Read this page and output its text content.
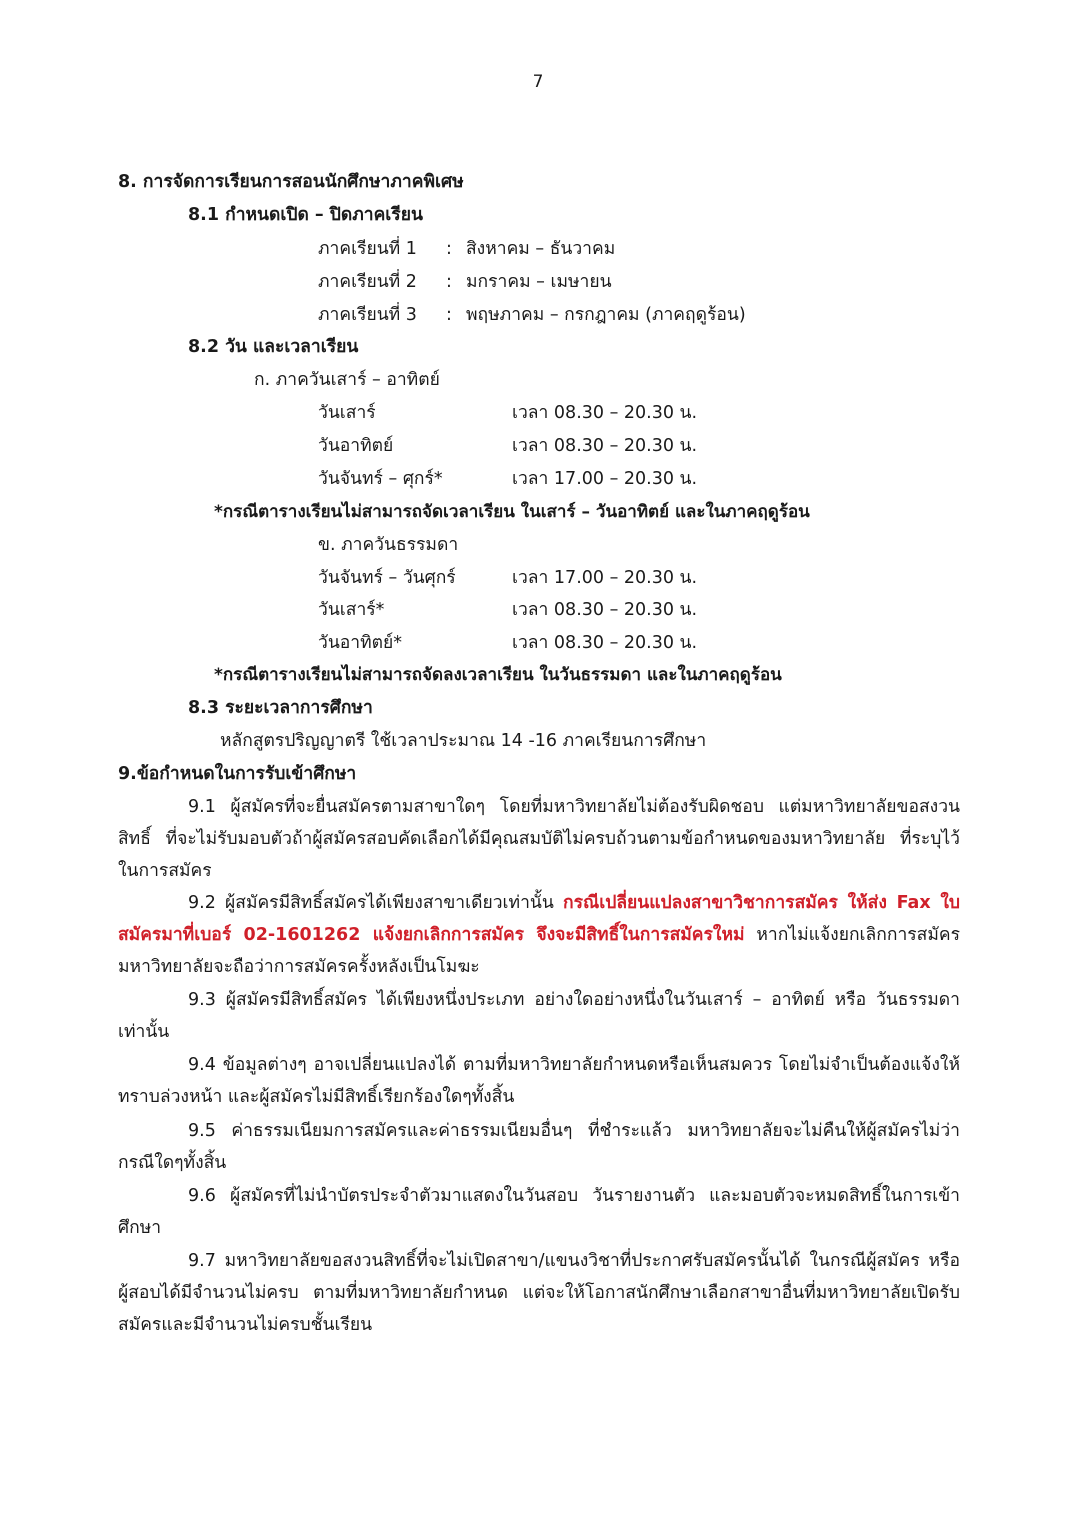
7
8. การจัดการเรียนการสอนนักศึกษาภาคพิเศษ
8.1 กำหนดเปิด – ปิดภาคเรียน
ภาคเรียนที่ 1 : สิงหาคม – ธันวาคม
ภาคเรียนที่ 2 : มกราคม – เมษายน
ภาคเรียนที่ 3 : พฤษภาคม – กรกฎาคม (ภาคฤดูร้อน)
8.2 วัน และเวลาเรียน
ก. ภาควันเสาร์ – อาทิตย์
วันเสาร์	เวลา 08.30 – 20.30 น.
วันอาทิตย์	เวลา 08.30 – 20.30 น.
วันจันทร์ – ศุกร์*	เวลา 17.00 – 20.30 น.
*กรณีตารางเรียนไม่สามารถจัดเวลาเรียน ในเสาร์ – วันอาทิตย์ และในภาคฤดูร้อน
ข. ภาควันธรรมดา
วันจันทร์ – วันศุกร์	เวลา 17.00 – 20.30 น.
วันเสาร์*	เวลา 08.30 – 20.30 น.
วันอาทิตย์*	เวลา 08.30 – 20.30 น.
*กรณีตารางเรียนไม่สามารถจัดลงเวลาเรียน ในวันธรรมดา และในภาคฤดูร้อน
8.3 ระยะเวลาการศึกษา
หลักสูตรปริญญาตรี ใช้เวลาประมาณ 14 -16 ภาคเรียนการศึกษา
9.ข้อกำหนดในการรับเข้าศึกษา
9.1 ผู้สมัครที่จะยื่นสมัครตามสาขาใดๆ โดยที่มหาวิทยาลัยไม่ต้องรับผิดชอบ แต่มหาวิทยาลัยขอสงวนสิทธิ์ ที่จะไม่รับมอบตัวถ้าผู้สมัครสอบคัดเลือกได้มีคุณสมบัติไม่ครบถ้วนตามข้อกำหนดของมหาวิทยาลัย ที่ระบุไว้ในการสมัคร
9.2 ผู้สมัครมีสิทธิ์สมัครได้เพียงสาขาเดียวเท่านั้น กรณีเปลี่ยนแปลงสาขาวิชาการสมัคร ให้ส่ง Fax ใบสมัครมาที่เบอร์ 02-1601262 แจ้งยกเลิกการสมัคร จึงจะมีสิทธิ์ในการสมัครใหม่ หากไม่แจ้งยกเลิกการสมัคร มหาวิทยาลัยจะถือว่าการสมัครครั้งหลังเป็นโมฆะ
9.3 ผู้สมัครมีสิทธิ์สมัคร ได้เพียงหนึ่งประเภท อย่างใดอย่างหนึ่งในวันเสาร์ – อาทิตย์ หรือ วันธรรมดาเท่านั้น
9.4 ข้อมูลต่างๆ อาจเปลี่ยนแปลงได้ ตามที่มหาวิทยาลัยกำหนดหรือเห็นสมควร โดยไม่จำเป็นต้องแจ้งให้ทราบล่วงหน้า และผู้สมัครไม่มีสิทธิ์เรียกร้องใดๆทั้งสิ้น
9.5 ค่าธรรมเนียมการสมัครและค่าธรรมเนียมอื่นๆ ที่ชำระแล้ว มหาวิทยาลัยจะไม่คืนให้ผู้สมัครไม่ว่ากรณีใดๆทั้งสิ้น
9.6 ผู้สมัครที่ไม่นำบัตรประจำตัวมาแสดงในวันสอบ วันรายงานตัว และมอบตัวจะหมดสิทธิ์ในการเข้าศึกษา
9.7 มหาวิทยาลัยขอสงวนสิทธิ์ที่จะไม่เปิดสาขา/แขนงวิชาที่ประกาศรับสมัครนั้นได้ ในกรณีผู้สมัคร หรือผู้สอบได้มีจำนวนไม่ครบ ตามที่มหาวิทยาลัยกำหนด แต่จะให้โอกาสนักศึกษาเลือกสาขาอื่นที่มหาวิทยาลัยเปิดรับสมัครและมีจำนวนไม่ครบชั้นเรียน
